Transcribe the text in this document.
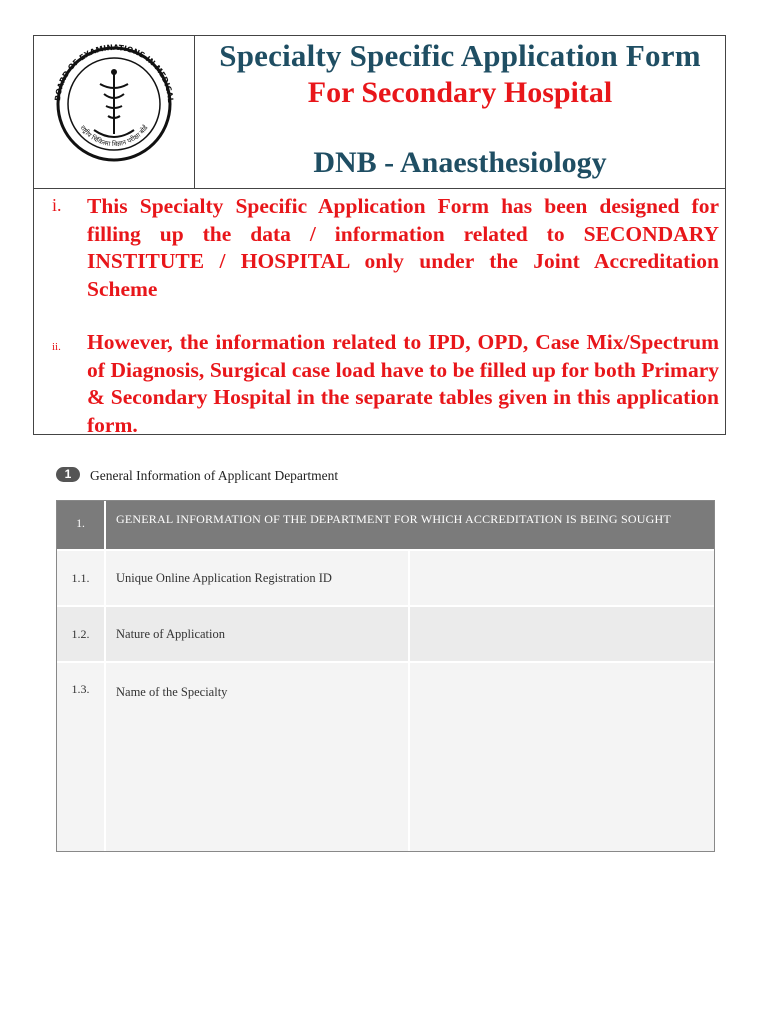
BOARD OF EXAMINATIONS IN MEDICAL
राष्ट्रीय चिकित्सा विज्ञान परीक्षा बोर्ड
Specialty Specific Application Form
For Secondary Hospital
DNB - Anaesthesiology
i. This Specialty Specific Application Form has been designed for filling up the data / information related to SECONDARY INSTITUTE / HOSPITAL only under the Joint Accreditation Scheme
ii. However, the information related to IPD, OPD, Case Mix/Spectrum of Diagnosis, Surgical case load have to be filled up for both Primary & Secondary Hospital in the separate tables given in this application form.
1	General Information of Applicant Department
1.	GENERAL INFORMATION OF THE DEPARTMENT FOR WHICH ACCREDITATION IS BEING SOUGHT
1.1.	Unique Online Application Registration ID
1.2.	Nature of Application
1.3.	Name of the Specialty
